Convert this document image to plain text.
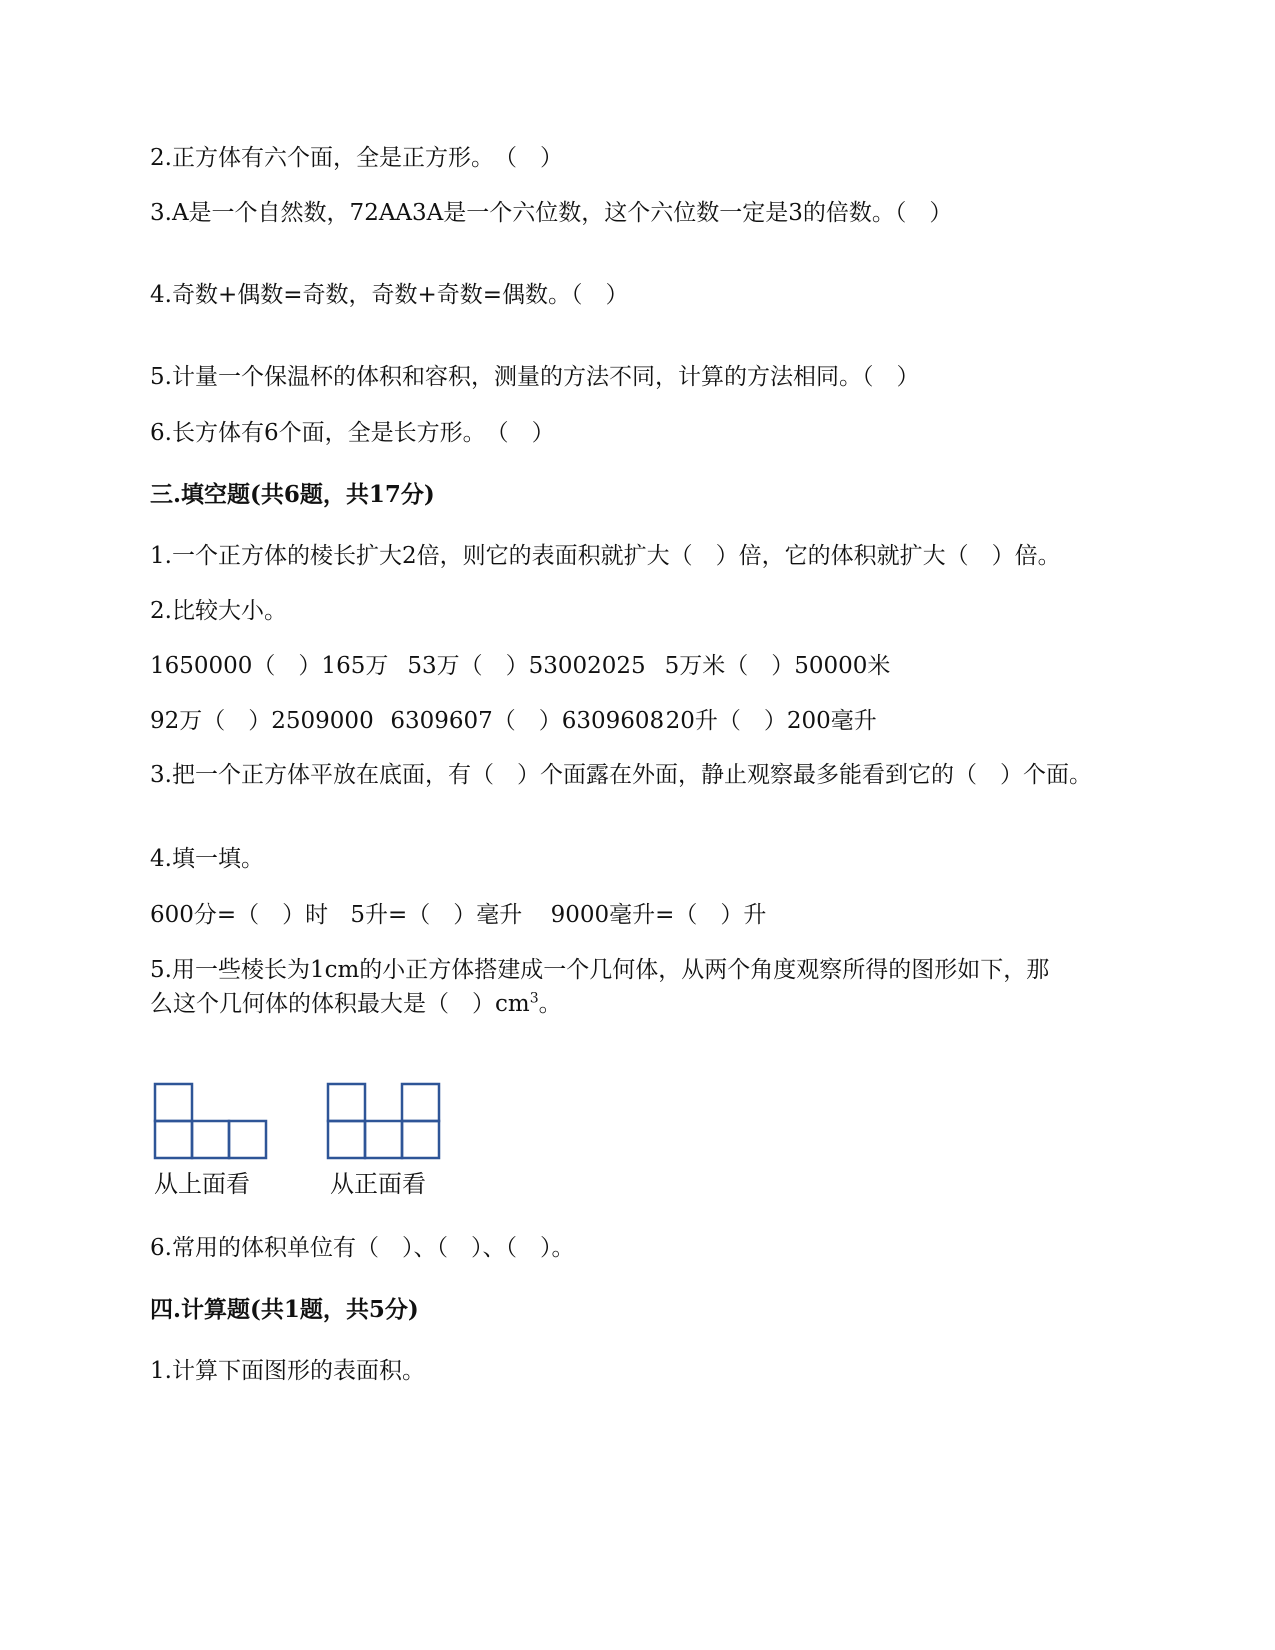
2.正方体有六个面，全是正方形。　（　）
3.A是一个自然数，72AA3A是一个六位数，这个六位数一定是3的倍数。（　）
4.奇数+偶数=奇数，奇数+奇数=偶数。（　）
5.计量一个保温杯的体积和容积，测量的方法不同，计算的方法相同。（　）
6.长方体有6个面，全是长方形。　（　）
三.填空题(共6题，共17分)
1.一个正方体的棱长扩大2倍，则它的表面积就扩大（　）倍，它的体积就扩大（　）倍。
2.比较大小。
1650000（　）165万 53万（　）53002025 5万米（　）50000米
92万（　）2509000 6309607（　）6309608 20升（　）200毫升
3.把一个正方体平放在底面，有（　）个面露在外面，静止观察最多能看到它的（　）个面。
4.填一填。
600分=（　）时 5升=（　）毫升 9000毫升=（　）升
5.用一些棱长为1cm的小正方体搭建成一个几何体，从两个角度观察所得的图形如下，那
么这个几何体的体积最大是（　）$cm^3$。
从上面看	从正面看
6.常用的体积单位有（　）、（　）、（　）。
四.计算题(共1题，共5分)
1.计算下面图形的表面积。
